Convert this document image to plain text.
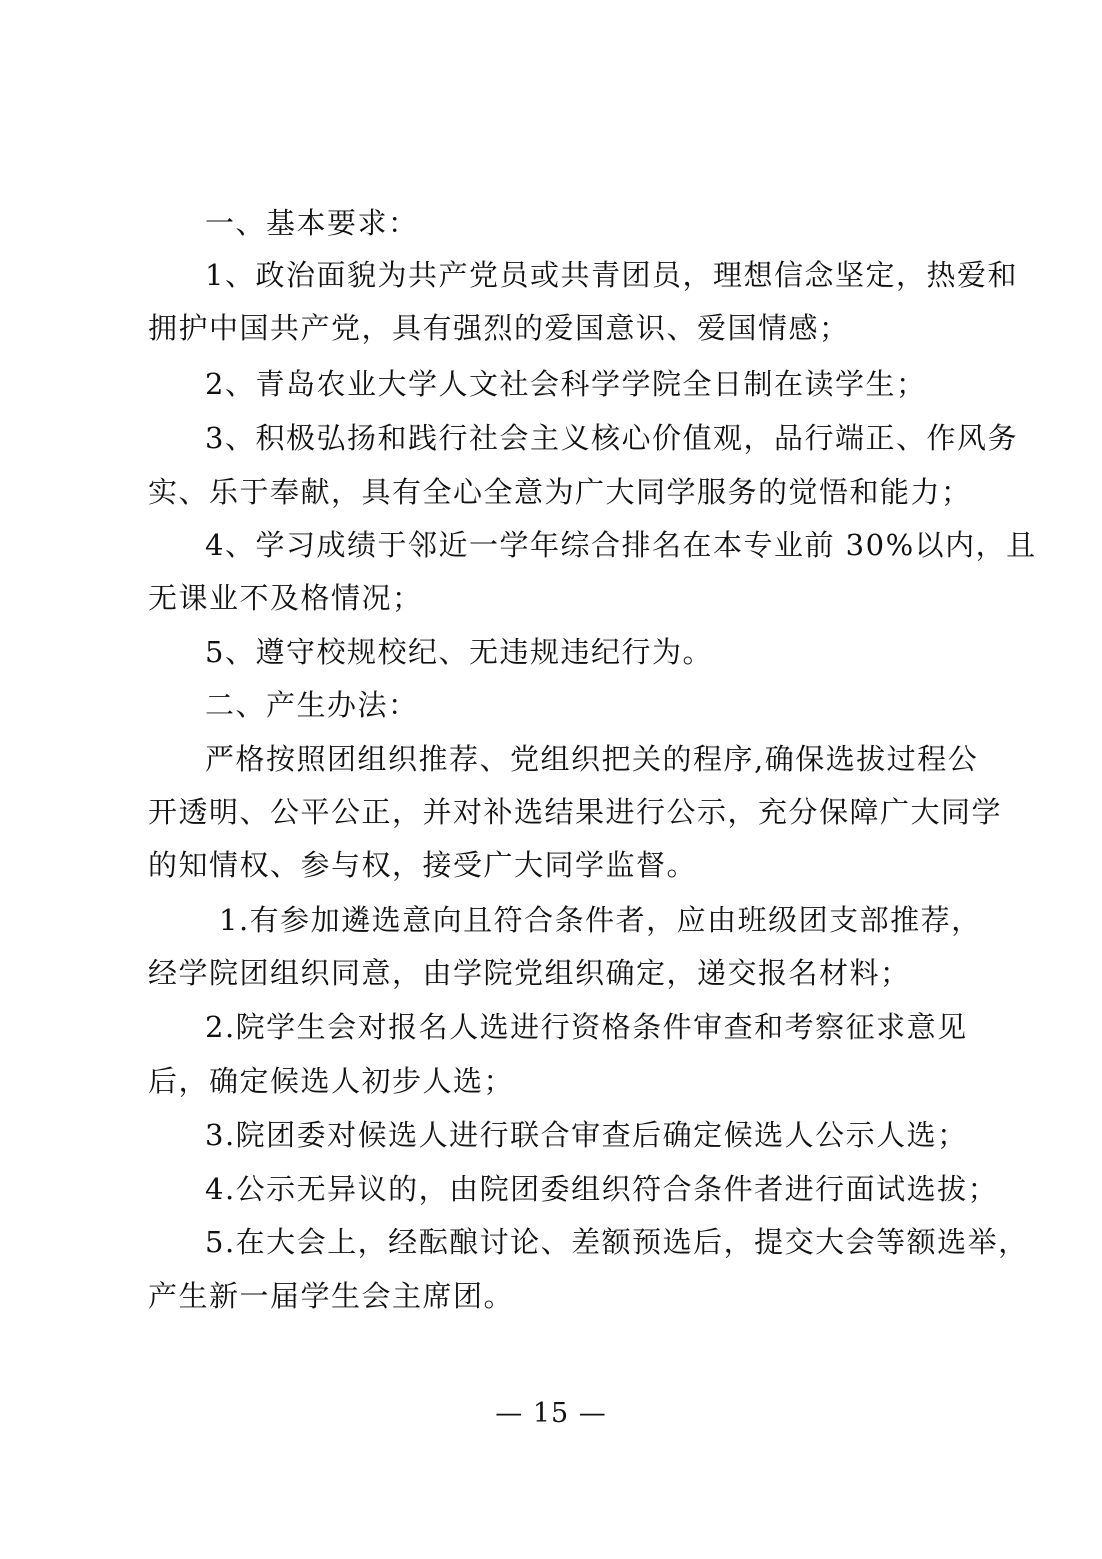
一、基本要求：
1、政治面貌为共产党员或共青团员，理想信念坚定，热爱和
拥护中国共产党，具有强烈的爱国意识、爱国情感；
2、青岛农业大学人文社会科学学院全日制在读学生；
3、积极弘扬和践行社会主义核心价值观，品行端正、作风务
实、乐于奉献，具有全心全意为广大同学服务的觉悟和能力；
4、学习成绩于邻近一学年综合排名在本专业前 30%以内，且
无课业不及格情况；
5、遵守校规校纪、无违规违纪行为。
二、产生办法：
严格按照团组织推荐、党组织把关的程序,确保选拔过程公
开透明、公平公正，并对补选结果进行公示，充分保障广大同学
的知情权、参与权，接受广大同学监督。
1.有参加遴选意向且符合条件者，应由班级团支部推荐，
经学院团组织同意，由学院党组织确定，递交报名材料；
2.院学生会对报名人选进行资格条件审查和考察征求意见
后，确定候选人初步人选；
3.院团委对候选人进行联合审查后确定候选人公示人选；
4.公示无异议的，由院团委组织符合条件者进行面试选拔；
5.在大会上，经酝酿讨论、差额预选后，提交大会等额选举，
产生新一届学生会主席团。
— 15 —
